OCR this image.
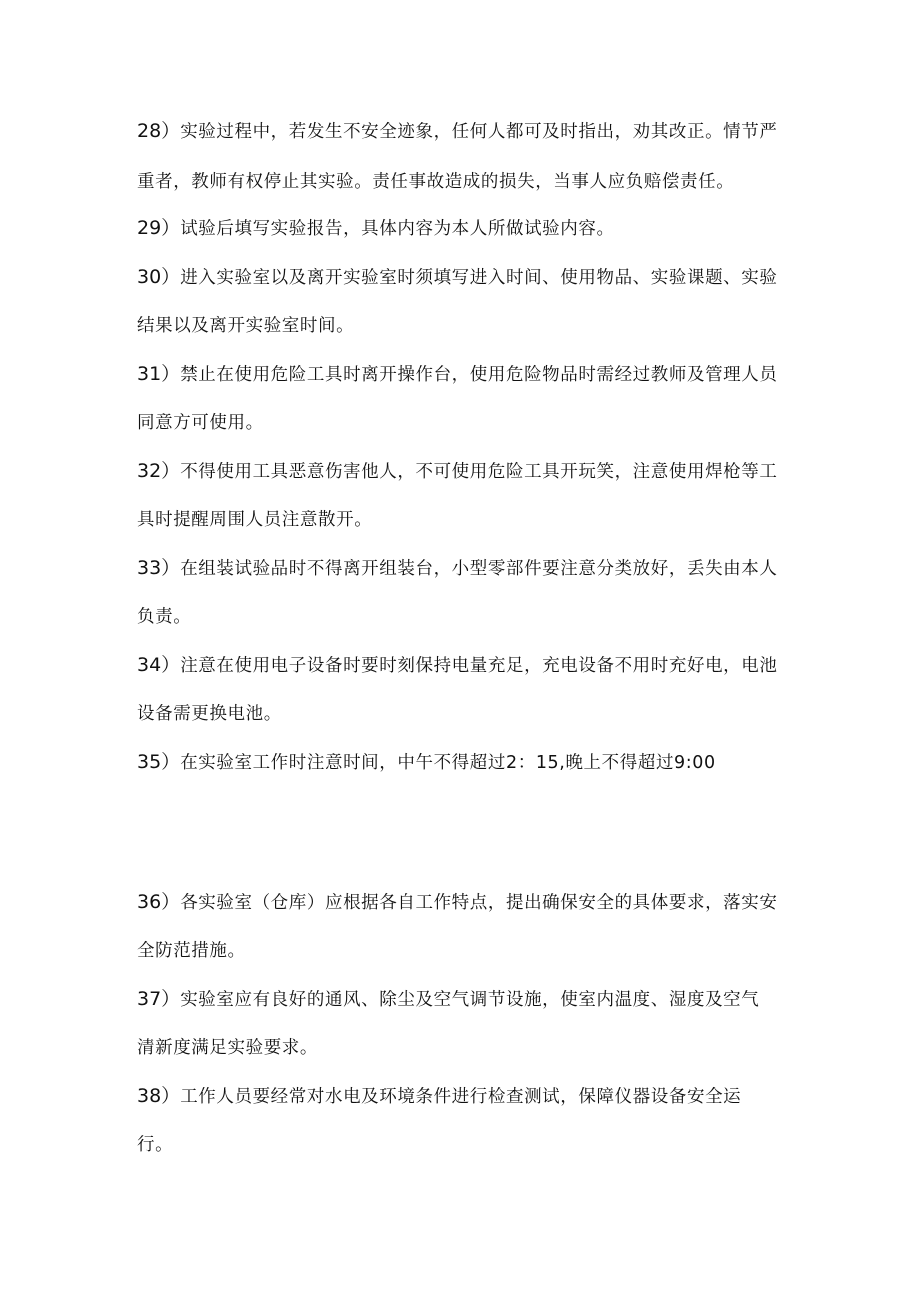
28）实验过程中，若发生不安全迹象，任何人都可及时指出，劝其改正。情节严
重者，教师有权停止其实验。责任事故造成的损失，当事人应负赔偿责任。
29）试验后填写实验报告，具体内容为本人所做试验内容。
30）进入实验室以及离开实验室时须填写进入时间、使用物品、实验课题、实验
结果以及离开实验室时间。
31）禁止在使用危险工具时离开操作台，使用危险物品时需经过教师及管理人员
同意方可使用。
32）不得使用工具恶意伤害他人，不可使用危险工具开玩笑，注意使用焊枪等工
具时提醒周围人员注意散开。
33）在组装试验品时不得离开组装台，小型零部件要注意分类放好，丢失由本人
负责。
34）注意在使用电子设备时要时刻保持电量充足，充电设备不用时充好电，电池
设备需更换电池。
35）在实验室工作时注意时间，中午不得超过2：15,晚上不得超过9:00
36）各实验室（仓库）应根据各自工作特点，提出确保安全的具体要求，落实安
全防范措施。
37）实验室应有良好的通风、除尘及空气调节设施，使室内温度、湿度及空气
清新度满足实验要求。
38）工作人员要经常对水电及环境条件进行检查测试，保障仪器设备安全运
行。
